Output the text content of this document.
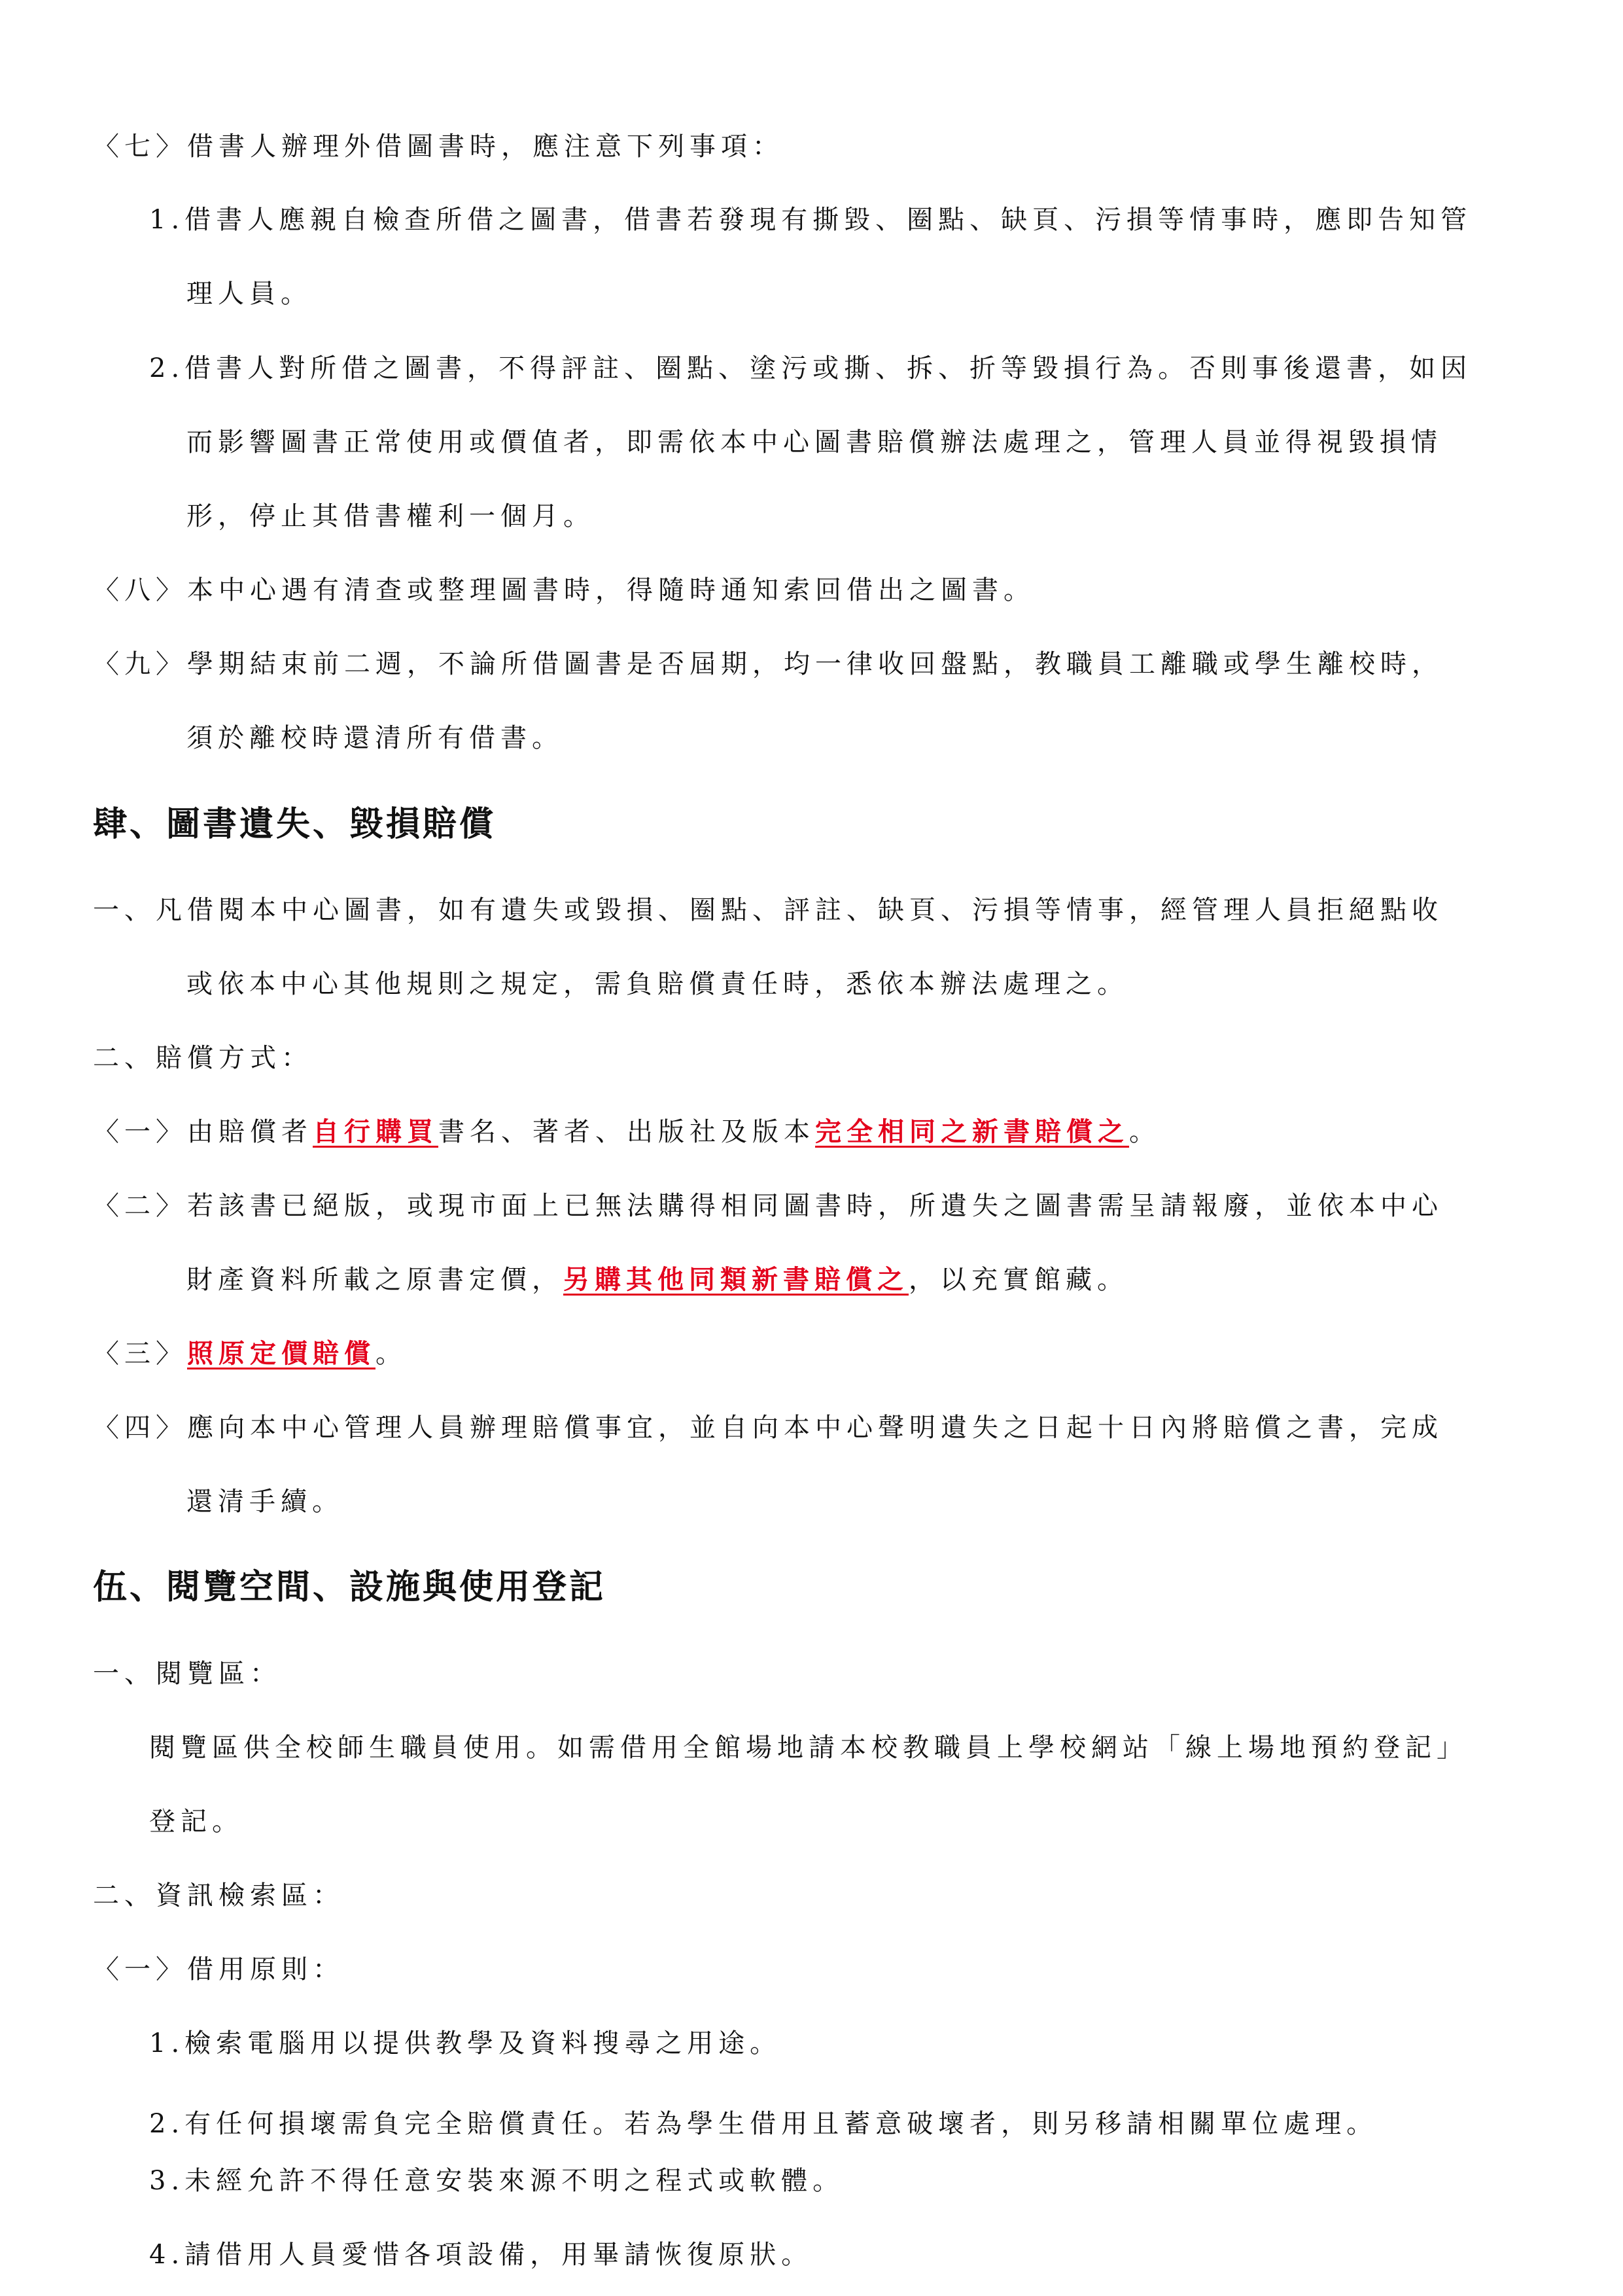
〈七〉借書人辦理外借圖書時，應注意下列事項：
1.借書人應親自檢查所借之圖書，借書若發現有撕毀、圈點、缺頁、污損等情事時，應即告知管
理人員。
2.借書人對所借之圖書，不得評註、圈點、塗污或撕、拆、折等毀損行為。否則事後還書，如因
而影響圖書正常使用或價值者，即需依本中心圖書賠償辦法處理之，管理人員並得視毀損情
形，停止其借書權利一個月。
〈八〉本中心遇有清查或整理圖書時，得隨時通知索回借出之圖書。
〈九〉學期結束前二週，不論所借圖書是否屆期，均一律收回盤點，教職員工離職或學生離校時，
須於離校時還清所有借書。
肆、圖書遺失、毀損賠償
一、凡借閱本中心圖書，如有遺失或毀損、圈點、評註、缺頁、污損等情事，經管理人員拒絕點收
或依本中心其他規則之規定，需負賠償責任時，悉依本辦法處理之。
二、賠償方式：
〈一〉由賠償者自行購買書名、著者、出版社及版本完全相同之新書賠償之。
〈二〉若該書已絕版，或現市面上已無法購得相同圖書時，所遺失之圖書需呈請報廢，並依本中心
財產資料所載之原書定價，另購其他同類新書賠償之，以充實館藏。
〈三〉照原定價賠償。
〈四〉應向本中心管理人員辦理賠償事宜，並自向本中心聲明遺失之日起十日內將賠償之書，完成
還清手續。
伍、閱覽空間、設施與使用登記
一、閱覽區：
閱覽區供全校師生職員使用。如需借用全館場地請本校教職員上學校網站「線上場地預約登記」
登記。
二、資訊檢索區：
〈一〉借用原則：
1.檢索電腦用以提供教學及資料搜尋之用途。
2.有任何損壞需負完全賠償責任。若為學生借用且蓄意破壞者，則另移請相關單位處理。
3.未經允許不得任意安裝來源不明之程式或軟體。
4.請借用人員愛惜各項設備，用畢請恢復原狀。
